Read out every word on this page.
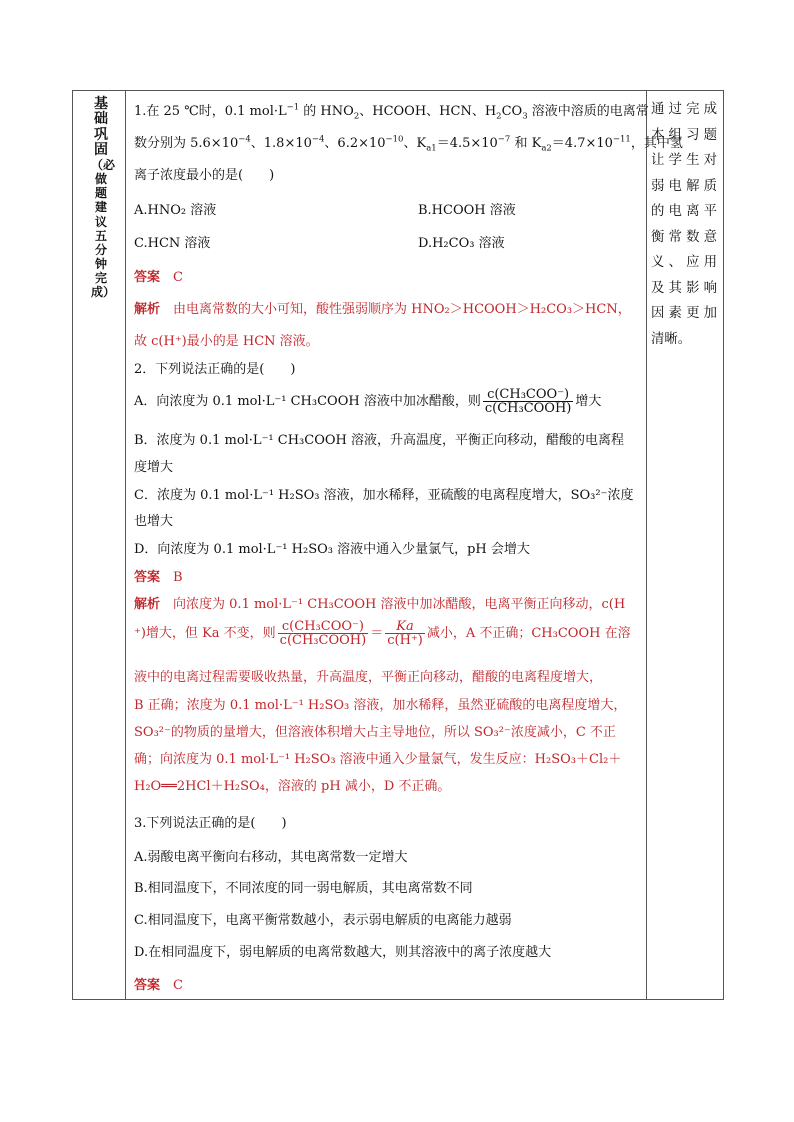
基础巩固
（必做题建议五分钟完成）
通过完成本组习题让学生对弱电解质的电离平衡常数意义、应用及其影响因素更加清晰。
1.在 25 ℃时，0.1 $mol\cdot L^{-1}$ 的 $HNO_2$、HCOOH、HCN、$H_2CO_3$ 溶液中溶质的电离常
数分别为 $5.6\times 10^{-4}$、$1.8\times 10^{-4}$、$6.2\times 10^{-10}$、$K_{a1}=4.5\times 10^{-7}$ 和 $K_{a2}=4.7\times 10^{-11}$，其中氢
离子浓度最小的是(　　)
A.HNO₂ 溶液	B.HCOOH 溶液
C.HCN 溶液	D.H₂CO₃ 溶液
答案　 C
解析　 由电离常数的大小可知，酸性强弱顺序为 HNO₂＞HCOOH＞H₂CO₃＞HCN，
故 c(H⁺)最小的是 HCN 溶液。
2．下列说法正确的是(　　)
A．向浓度为 0.1 mol·L⁻¹ CH₃COOH 溶液中加冰醋酸，则 $\frac{\text{c(CH₃COO⁻)}}{\text{c(CH₃COOH)}}$ 增大
B．浓度为 0.1 mol·L⁻¹ CH₃COOH 溶液，升高温度，平衡正向移动，醋酸的电离程
度增大
C．浓度为 0.1 mol·L⁻¹ H₂SO₃ 溶液，加水稀释，亚硫酸的电离程度增大，SO₃²⁻浓度
也增大
D．向浓度为 0.1 mol·L⁻¹ H₂SO₃ 溶液中通入少量氯气，pH 会增大
答案　 B
解析　 向浓度为 0.1 mol·L⁻¹ CH₃COOH 溶液中加冰醋酸，电离平衡正向移动，c(H
⁺)增大，但 Ka 不变，则 $\frac{\text{c(CH₃COO⁻)}}{\text{c(CH₃COOH)}} = \frac{Ka}{c(H^+)}$ 减小，A 不正确；CH₃COOH 在溶
液中的电离过程需要吸收热量，升高温度，平衡正向移动，醋酸的电离程度增大，
B 正确；浓度为 0.1 mol·L⁻¹ H₂SO₃ 溶液，加水稀释，虽然亚硫酸的电离程度增大，
SO₃²⁻的物质的量增大，但溶液体积增大占主导地位，所以 SO₃²⁻浓度减小，C 不正
确；向浓度为 0.1 mol·L⁻¹ H₂SO₃ 溶液中通入少量氯气，发生反应：H₂SO₃＋Cl₂＋
H₂O══2HCl＋H₂SO₄，溶液的 pH 减小，D 不正确。
3.下列说法正确的是(　　)
A.弱酸电离平衡向右移动，其电离常数一定增大
B.相同温度下，不同浓度的同一弱电解质，其电离常数不同
C.相同温度下，电离平衡常数越小，表示弱电解质的电离能力越弱
D.在相同温度下，弱电解质的电离常数越大，则其溶液中的离子浓度越大
答案　 C
